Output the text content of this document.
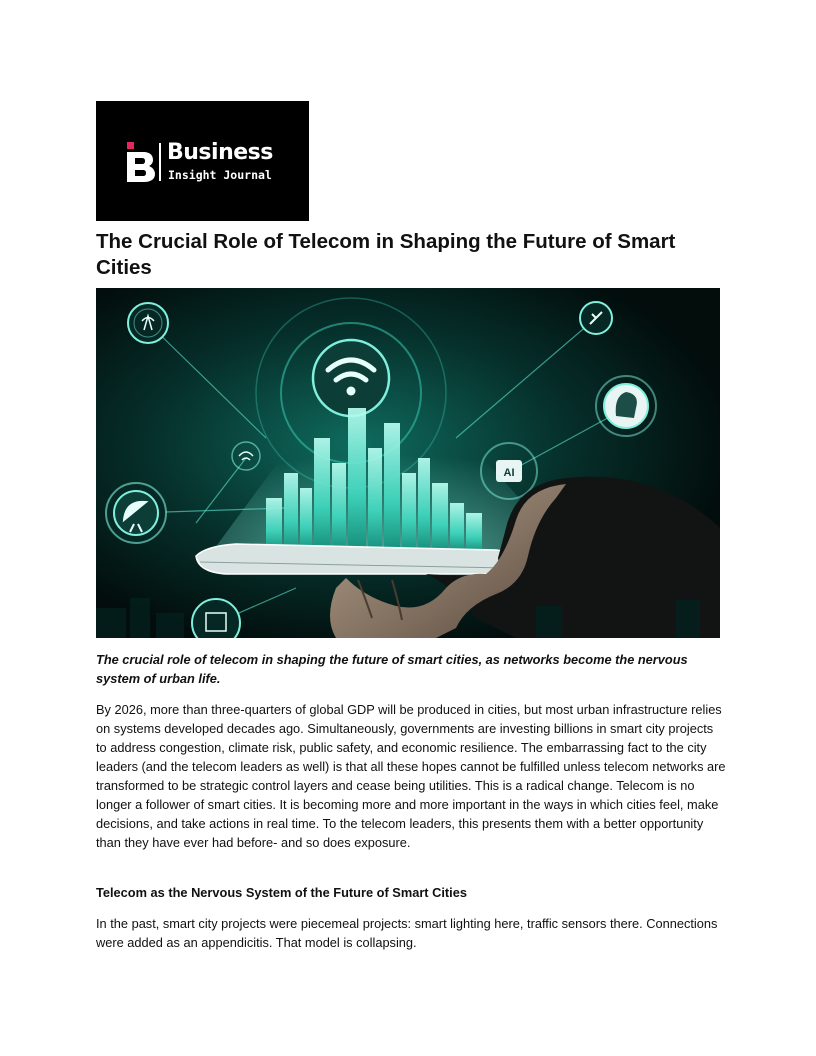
Business
Insight Journal
The Crucial Role of Telecom in Shaping the Future of Smart Cities
AI

The crucial role of telecom in shaping the future of smart cities, as networks become the nervous system of urban life.

By 2026, more than three-quarters of global GDP will be produced in cities, but most urban infrastructure relies on systems developed decades ago. Simultaneously, governments are investing billions in smart city projects to address congestion, climate risk, public safety, and economic resilience. The embarrassing fact to the city leaders (and the telecom leaders as well) is that all these hopes cannot be fulfilled unless telecom networks are transformed to be strategic control layers and cease being utilities. This is a radical change. Telecom is no longer a follower of smart cities. It is becoming more and more important in the ways in which cities feel, make decisions, and take actions in real time. To the telecom leaders, this presents them with a better opportunity than they have ever had before- and so does exposure.

Telecom as the Nervous System of the Future of Smart Cities

In the past, smart city projects were piecemeal projects: smart lighting here, traffic sensors there. Connections were added as an appendicitis. That model is collapsing.
